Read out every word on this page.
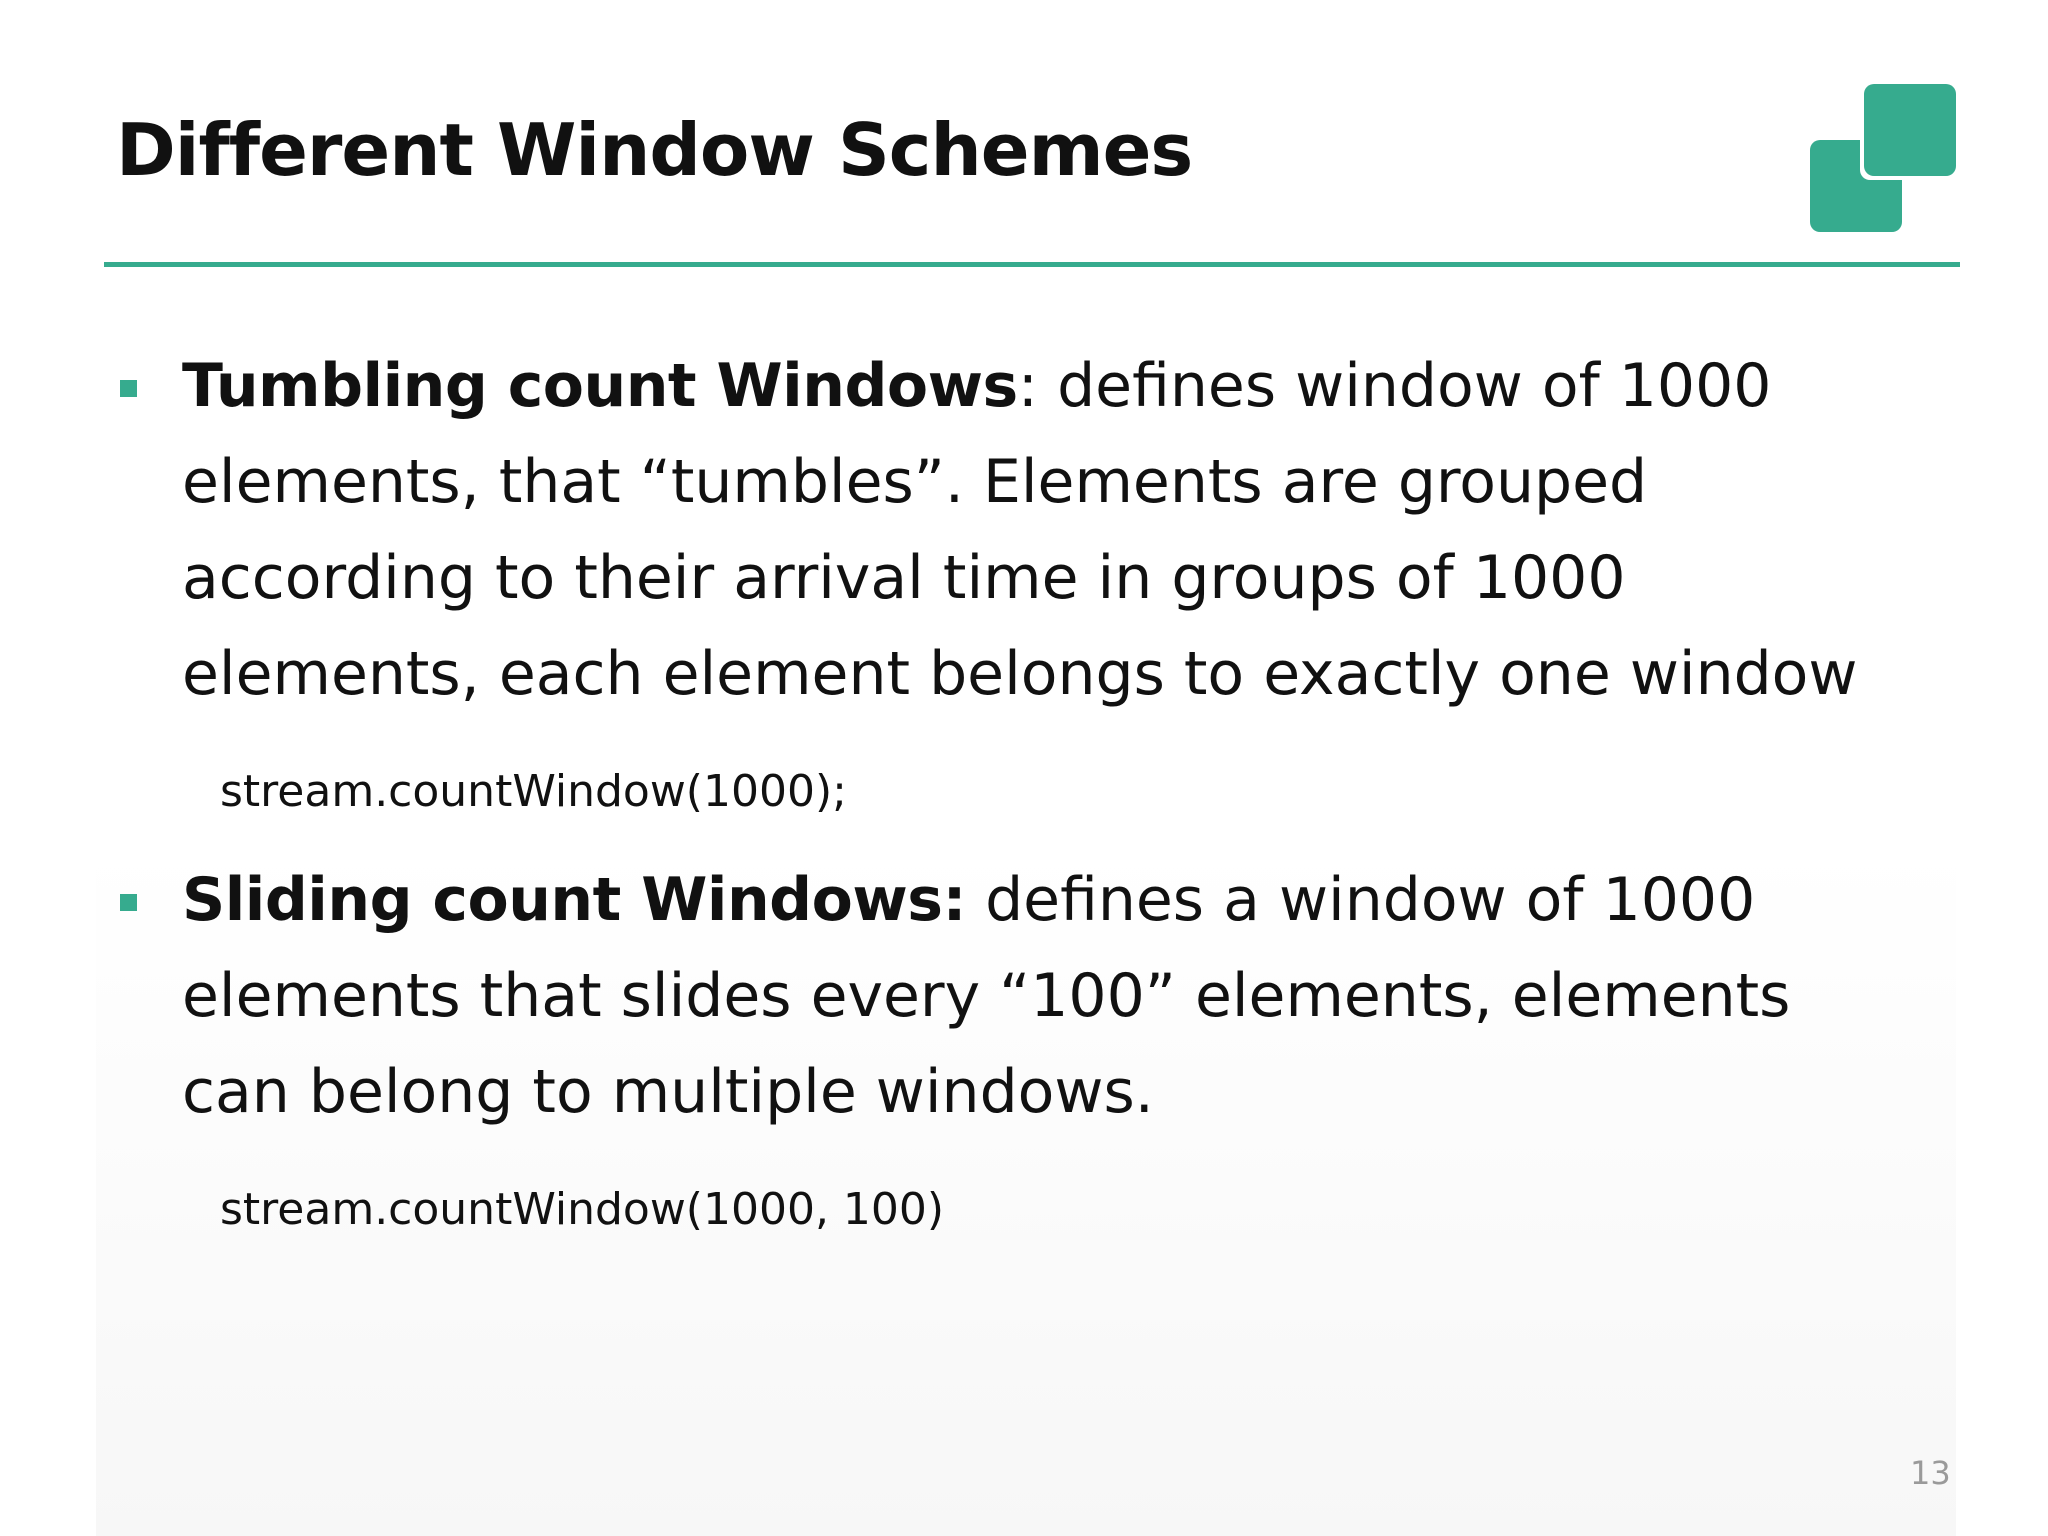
Different Window Schemes
Tumbling count Windows: defines window of 1000
elements, that “tumbles”. Elements are grouped
according to their arrival time in groups of 1000
elements, each element belongs to exactly one window
stream.countWindow(1000);
Sliding count Windows: defines a window of 1000
elements that slides every “100” elements, elements
can belong to multiple windows.
stream.countWindow(1000, 100)
13
